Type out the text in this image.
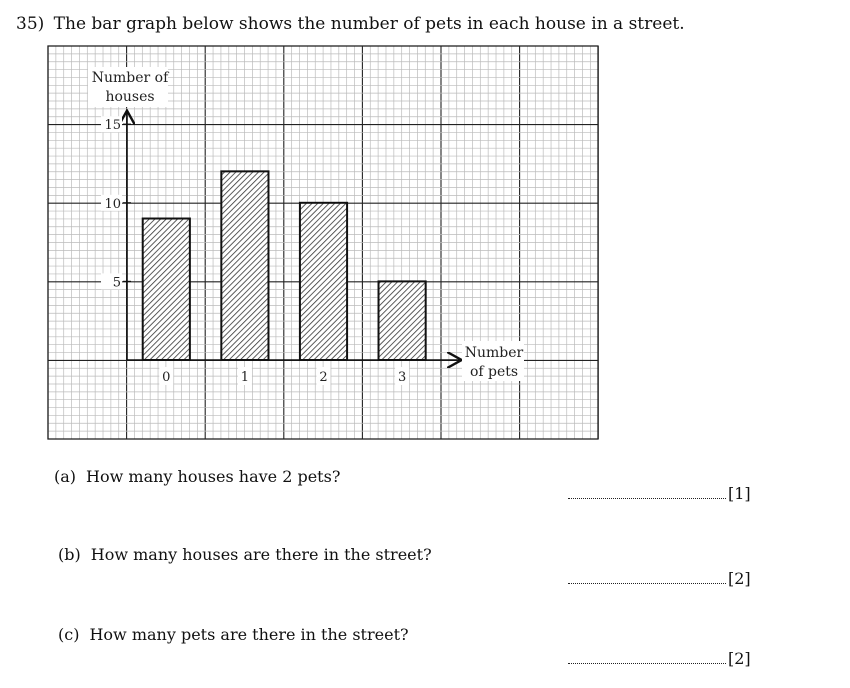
35) The bar graph below shows the number of pets in each house in a street.
5
10
15
0	1	2	3
Number of
houses
Number
of pets
(a) How many houses have 2 pets?
[1]
(b) How many houses are there in the street?
[2]
(c) How many pets are there in the street?
[2]
